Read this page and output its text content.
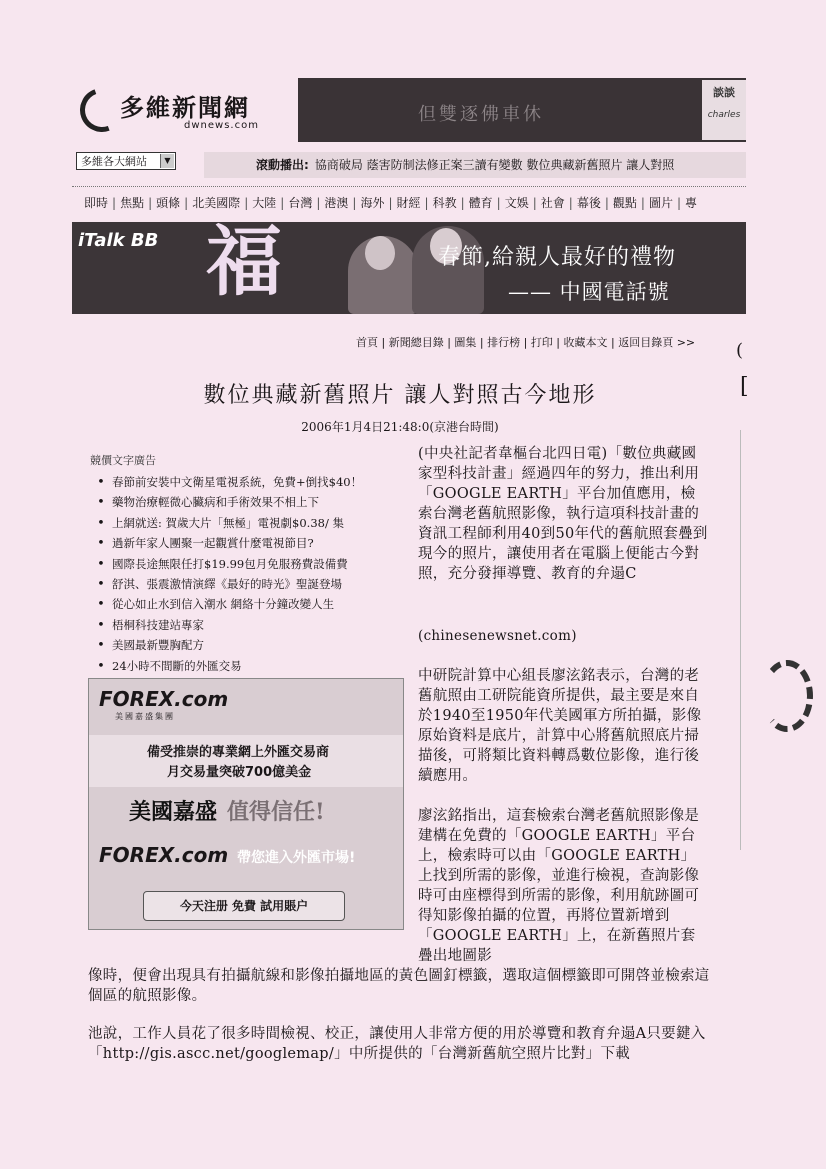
多維新聞網
dwnews.com
但雙逐佛車休
談談
charles
多維各大網站	▼	滾動播出: 協商破局 蔭害防制法修正案三讀有變數 數位典藏新舊照片 讓人對照
即時 | 焦點 | 頭條 | 北美國際 | 大陸 | 台灣 | 港澳 | 海外 | 財經 | 科教 | 體育 | 文娛 | 社會 | 幕後 | 觀點 | 圖片 | 專
iTalk BB 福	春節,給親人最好的禮物
—— 中國電話號
首頁 | 新聞總目錄 | 圖集 | 排行榜 | 打印 | 收藏本文 | 返回目錄頁 >>
數位典藏新舊照片 讓人對照古今地形
2006年1月4日21:48:0(京港台時間)
競價文字廣告
• 春節前安裝中文衛星電視系統，免費+倒找$40！
• 藥物治療輕微心臟病和手術效果不相上下
• 上網就送: 賀歲大片「無極」電視劇$0.38/ 集
• 過新年家人團聚一起觀賞什麼電視節目?
• 國際長途無限任打$19.99包月免服務費設備費
• 舒淇、張震激情演繹《最好的時光》聖誕登場
• 從心如止水到信入潮水 網絡十分鐘改變人生
• 梧桐科技建站專家
• 美國最新豐胸配方
• 24小時不間斷的外匯交易
FOREX.com
美國嘉盛集團
備受推崇的專業網上外匯交易商
月交易量突破700億美金
美國嘉盛 值得信任!
FOREX.com 帶您進入外匯市場!
今天注册 免費 試用賬户
(中央社記者韋樞台北四日電)「數位典藏國家型科技計畫」經過四年的努力，推出利用「GOOGLE EARTH」平台加值應用，檢索台灣老舊航照影像，執行這項科技計畫的資訊工程師利用40到50年代的舊航照套疊到現今的照片，讓使用者在電腦上便能古今對照，充分發揮導覽、教育的弁遢C
(chinesenewsnet.com)
中研院計算中心組長廖泫銘表示，台灣的老舊航照由工研院能資所提供，最主要是來自於1940至1950年代美國軍方所拍攝，影像原始資料是底片，計算中心將舊航照底片掃描後，可將類比資料轉爲數位影像，進行後續應用。
廖泫銘指出，這套檢索台灣老舊航照影像是建構在免費的「GOOGLE EARTH」平台上，檢索時可以由「GOOGLE EARTH」上找到所需的影像，並進行檢視，查詢影像時可由座標得到所需的影像，利用航跡圖可得知影像拍攝的位置，再將位置新增到「GOOGLE EARTH」上，在新舊照片套疊出地圖影
像時，便會出現具有拍攝航線和影像拍攝地區的黃色圖釘標籤，選取這個標籤即可開啓並檢索這個區的航照影像。
池說，工作人員花了很多時間檢視、校正，讓使用人非常方便的用於導覽和教育弁遢A只要鍵入「http://gis.ascc.net/googlemap/」中所提供的「台灣新舊航空照片比對」下載
(
[
